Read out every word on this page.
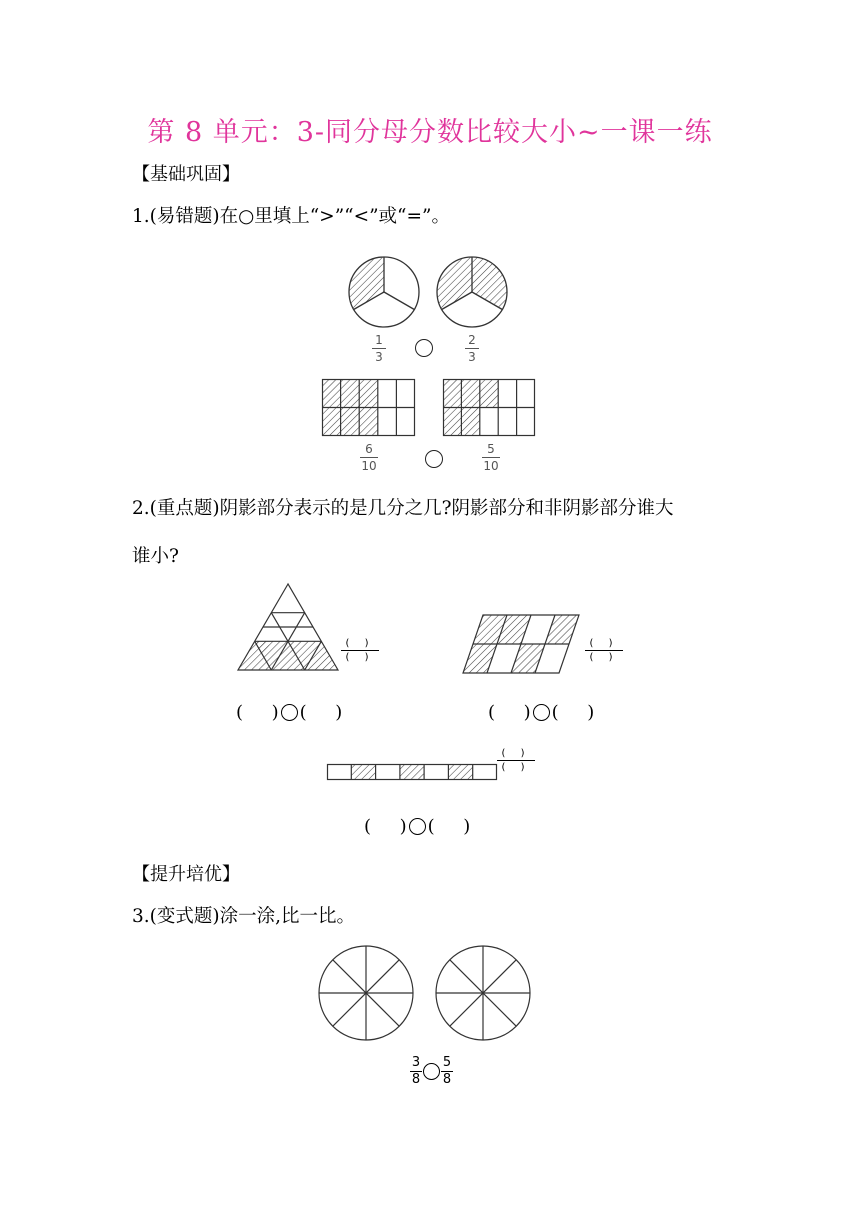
第 8 单元：3-同分母分数比较大小~一课一练
【基础巩固】
1.(易错题)在○里填上“>”“<”或“=”。
1
3
2
3
6
10
5
10
2.(重点题)阴影部分表示的是几分之几?阴影部分和非阴影部分谁大
谁小?
( )
( )
( )
( )
(     ) (     )	(     ) (     )
( )
( )
(     ) (     )
【提升培优】
3.(变式题)涂一涂,比一比。
$\frac{3}{8} \frac{5}{8}$
